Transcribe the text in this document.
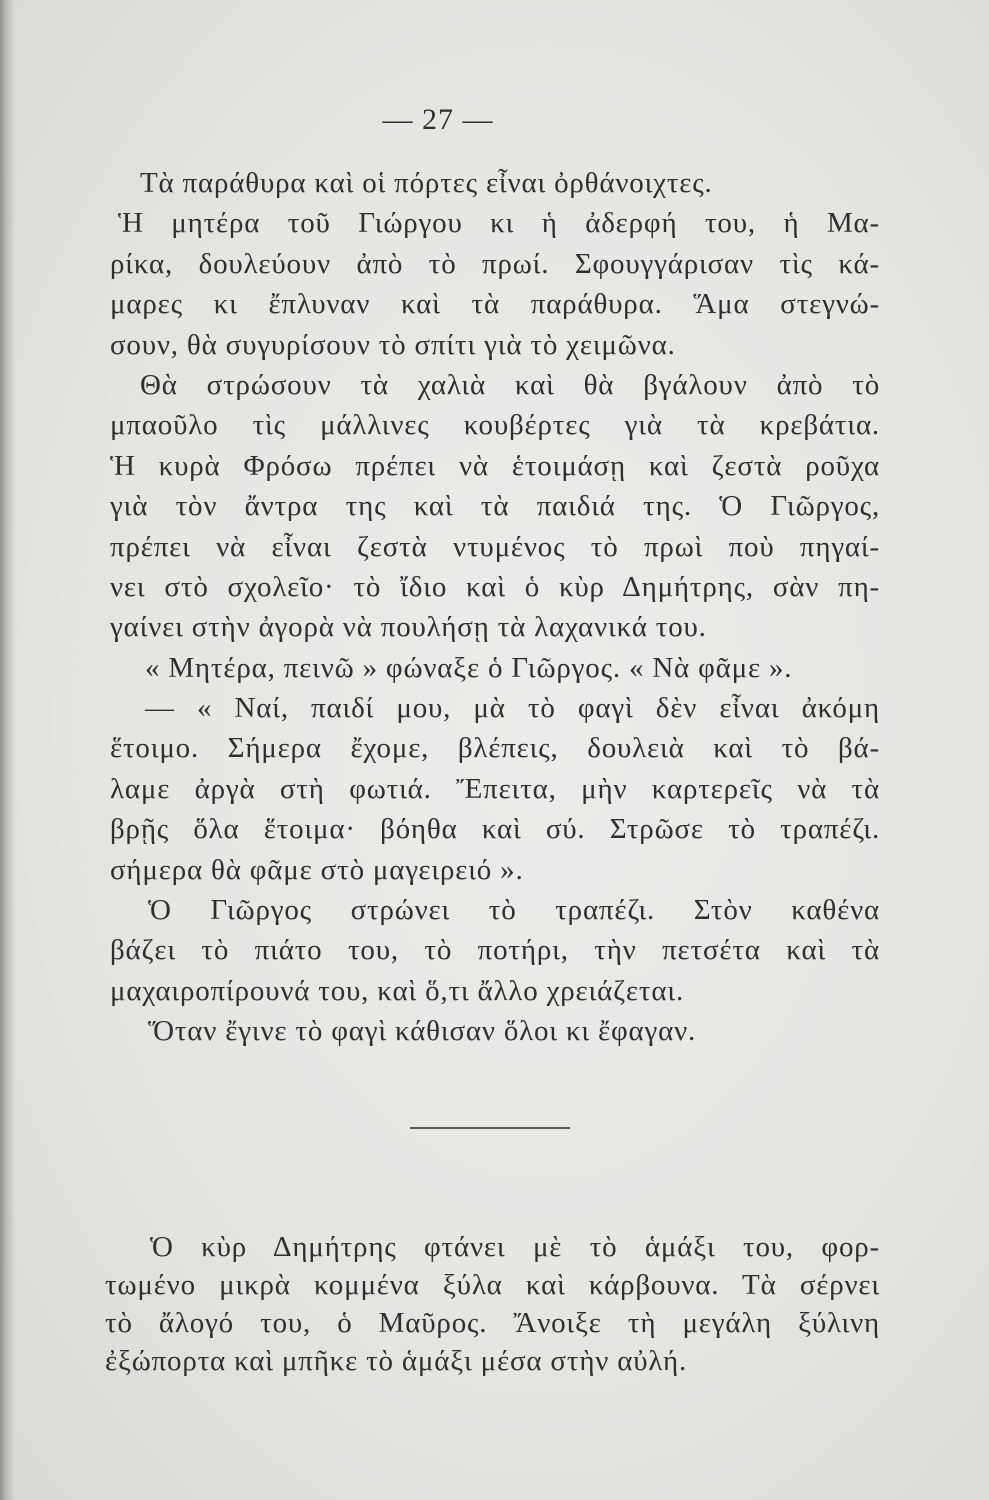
— 27 —
Τὰ παράθυρα καὶ οἱ πόρτες εἶναι ὀρθάνοιχτες.
Ἡ μητέρα τοῦ Γιώργου κι ἡ ἀδερφή του, ἡ Μα-
ρίκα, δουλεύουν ἀπὸ τὸ πρωί. Σφουγγάρισαν τὶς κά-
μαρες κι ἔπλυναν καὶ τὰ παράθυρα. Ἅμα στεγνώ-
σουν, θὰ συγυρίσουν τὸ σπίτι γιὰ τὸ χειμῶνα.
Θὰ στρώσουν τὰ χαλιὰ καὶ θὰ βγάλουν ἀπὸ τὸ
μπαοῦλο τὶς μάλλινες κουβέρτες γιὰ τὰ κρεβάτια.
Ἡ κυρὰ Φρόσω πρέπει νὰ ἑτοιμάσῃ καὶ ζεστὰ ροῦχα
γιὰ τὸν ἄντρα της καὶ τὰ παιδιά της. Ὁ Γιῶργος,
πρέπει νὰ εἶναι ζεστὰ ντυμένος τὸ πρωὶ ποὺ πηγαί-
νει στὸ σχολεῖο· τὸ ἴδιο καὶ ὁ κὺρ Δημήτρης, σὰν πη-
γαίνει στὴν ἀγορὰ νὰ πουλήσῃ τὰ λαχανικά του.
« Μητέρα, πεινῶ » φώναξε ὁ Γιῶργος. « Νὰ φᾶμε ».
— « Ναί, παιδί μου, μὰ τὸ φαγὶ δὲν εἶναι ἀκόμη
ἕτοιμο. Σήμερα ἔχομε, βλέπεις, δουλειὰ καὶ τὸ βά-
λαμε ἀργὰ στὴ φωτιά. Ἔπειτα, μὴν καρτερεῖς νὰ τὰ
βρῇς ὅλα ἕτοιμα· βόηθα καὶ σύ. Στρῶσε τὸ τραπέζι.
σήμερα θὰ φᾶμε στὸ μαγειρειό ».
Ὁ Γιῶργος στρώνει τὸ τραπέζι. Στὸν καθένα
βάζει τὸ πιάτο του, τὸ ποτήρι, τὴν πετσέτα καὶ τὰ
μαχαιροπίρουνά του, καὶ ὅ,τι ἄλλο χρειάζεται.
Ὅταν ἔγινε τὸ φαγὶ κάθισαν ὅλοι κι ἔφαγαν.
Ὁ κὺρ Δημήτρης φτάνει μὲ τὸ ἁμάξι του, φορ-
τωμένο μικρὰ κομμένα ξύλα καὶ κάρβουνα. Τὰ σέρνει
τὸ ἄλογό του, ὁ Μαῦρος. Ἄνοιξε τὴ μεγάλη ξύλινη
ἐξώπορτα καὶ μπῆκε τὸ ἁμάξι μέσα στὴν αὐλή.
